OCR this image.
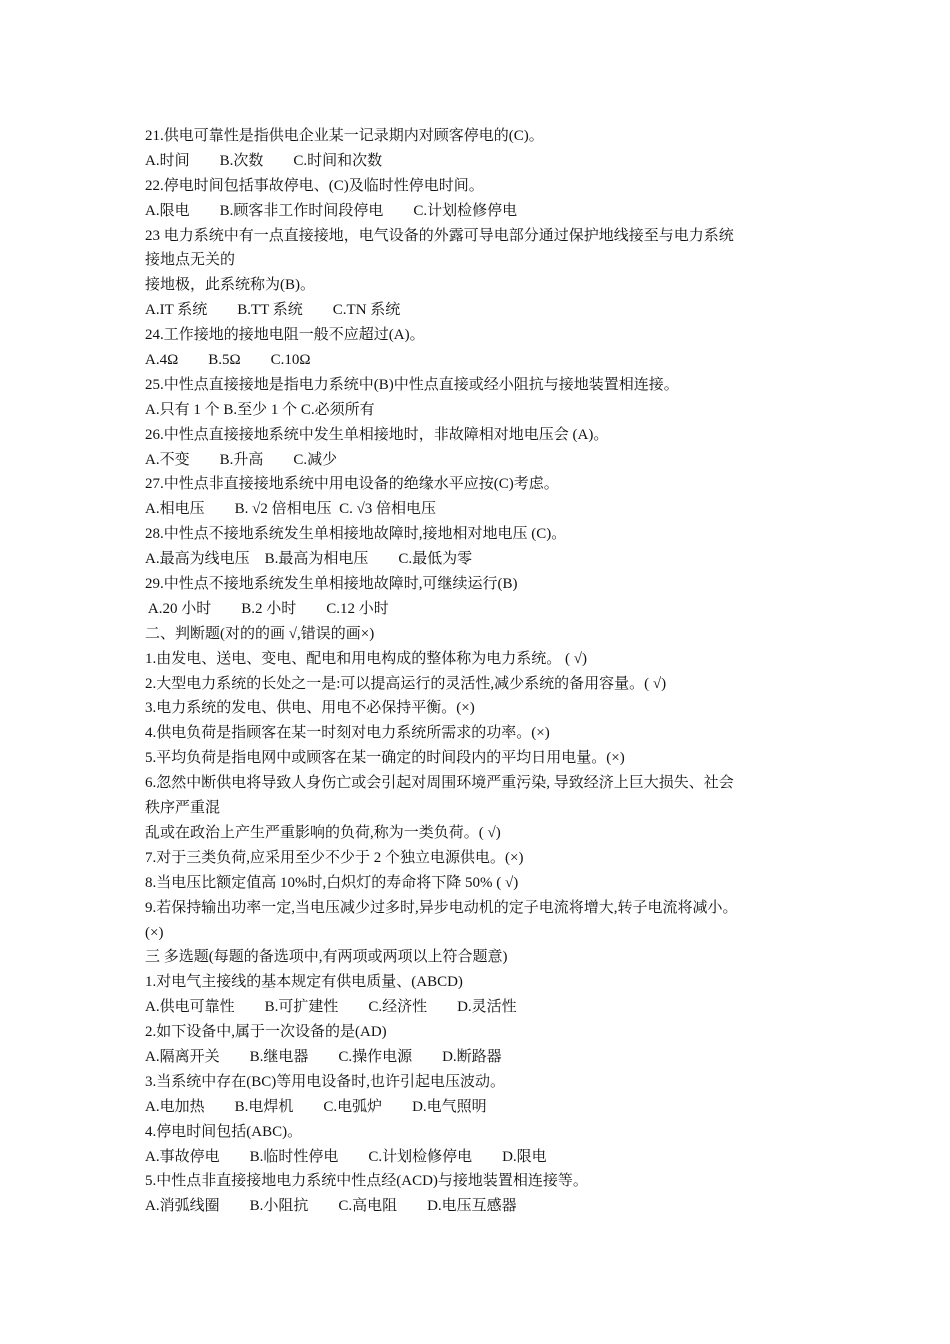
21.供电可靠性是指供电企业某一记录期内对顾客停电的(C)。
A.时间　　B.次数　　C.时间和次数
22.停电时间包括事故停电、(C)及临时性停电时间。
A.限电　　B.顾客非工作时间段停电　　C.计划检修停电
23 电力系统中有一点直接接地，电气设备的外露可导电部分通过保护地线接至与电力系统
接地点无关的
接地极，此系统称为(B)。
A.IT 系统　　B.TT 系统　　C.TN 系统
24.工作接地的接地电阻一般不应超过(A)。
A.4Ω　　B.5Ω　　C.10Ω
25.中性点直接接地是指电力系统中(B)中性点直接或经小阻抗与接地装置相连接。
A.只有 1 个 B.至少 1 个 C.必须所有
26.中性点直接接地系统中发生单相接地时，非故障相对地电压会 (A)。
A.不变　　B.升高　　C.减少
27.中性点非直接接地系统中用电设备的绝缘水平应按(C)考虑。
A.相电压　　B. √2 倍相电压  C. √3 倍相电压
28.中性点不接地系统发生单相接地故障时,接地相对地电压 (C)。
A.最高为线电压　B.最高为相电压　　C.最低为零
29.中性点不接地系统发生单相接地故障时,可继续运行(B)
A.20 小时　　B.2 小时　　C.12 小时
二、判断题(对的的画 √,错误的画×)
1.由发电、送电、变电、配电和用电构成的整体称为电力系统。 ( √)
2.大型电力系统的长处之一是:可以提高运行的灵活性,减少系统的备用容量。( √)
3.电力系统的发电、供电、用电不必保持平衡。(×)
4.供电负荷是指顾客在某一时刻对电力系统所需求的功率。(×)
5.平均负荷是指电网中或顾客在某一确定的时间段内的平均日用电量。(×)
6.忽然中断供电将导致人身伤亡或会引起对周围环境严重污染, 导致经济上巨大损失、社会
秩序严重混
乱或在政治上产生严重影响的负荷,称为一类负荷。( √)
7.对于三类负荷,应采用至少不少于 2 个独立电源供电。(×)
8.当电压比额定值高 10%时,白炽灯的寿命将下降 50% ( √)
9.若保持输出功率一定,当电压减少过多时,异步电动机的定子电流将增大,转子电流将减小。
(×)
三 多选题(每题的备选项中,有两项或两项以上符合题意)
1.对电气主接线的基本规定有供电质量、(ABCD)
A.供电可靠性　　B.可扩建性　　C.经济性　　D.灵活性
2.如下设备中,属于一次设备的是(AD)
A.隔离开关　　B.继电器　　C.操作电源　　D.断路器
3.当系统中存在(BC)等用电设备时,也许引起电压波动。
A.电加热　　B.电焊机　　C.电弧炉　　D.电气照明
4.停电时间包括(ABC)。
A.事故停电　　B.临时性停电　　C.计划检修停电　　D.限电
5.中性点非直接接地电力系统中性点经(ACD)与接地装置相连接等。
A.消弧线圈　　B.小阻抗　　C.高电阻　　D.电压互感器
